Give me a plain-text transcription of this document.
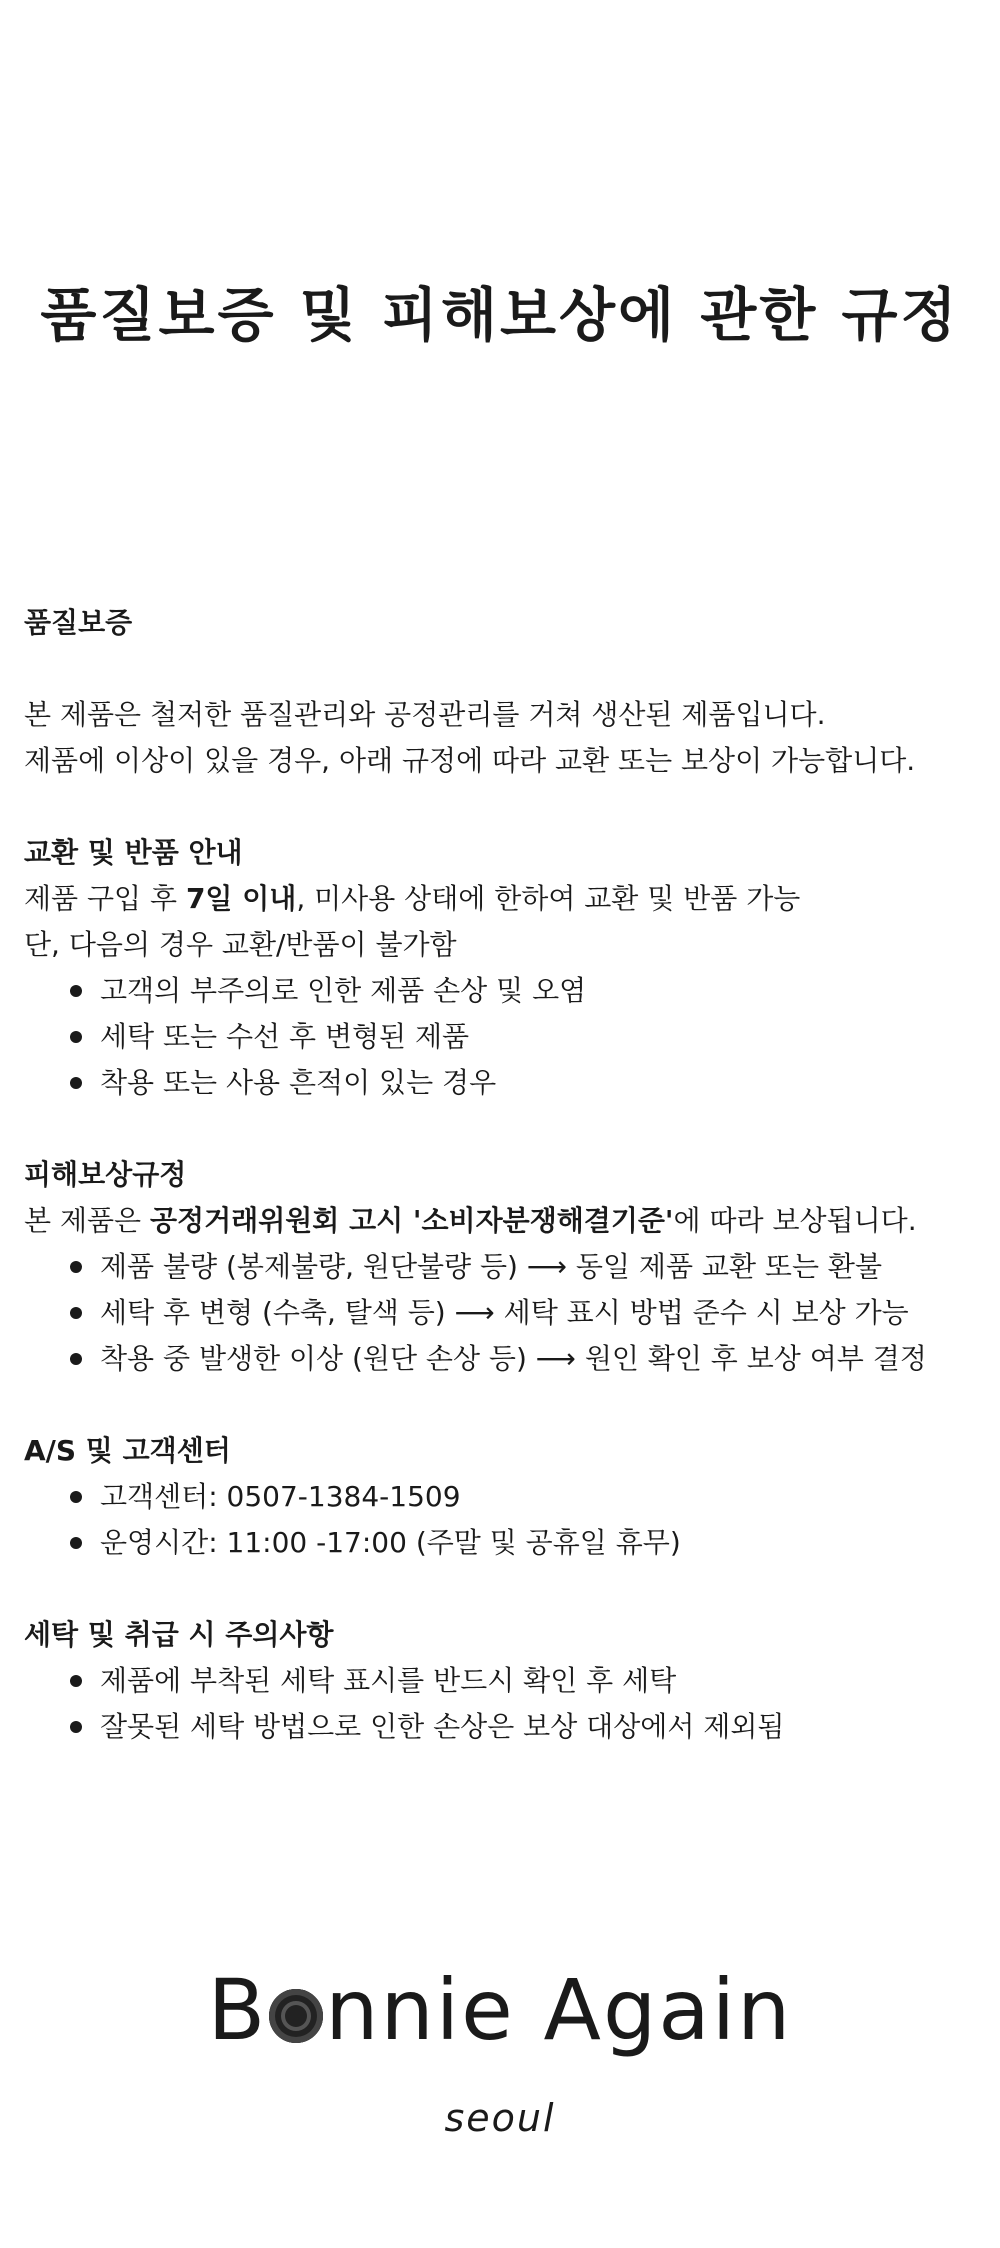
품질보증 및 피해보상에 관한 규정

품질보증

본 제품은 철저한 품질관리와 공정관리를 거쳐 생산된 제품입니다.

제품에 이상이 있을 경우, 아래 규정에 따라 교환 또는 보상이 가능합니다.

교환 및 반품 안내

제품 구입 후 7일 이내, 미사용 상태에 한하여 교환 및 반품 가능

단, 다음의 경우 교환/반품이 불가함

고객의 부주의로 인한 제품 손상 및 오염
세탁 또는 수선 후 변형된 제품
착용 또는 사용 흔적이 있는 경우

피해보상규정

본 제품은 공정거래위원회 고시 '소비자분쟁해결기준'에 따라 보상됩니다.

제품 불량 (봉제불량, 원단불량 등) ⟶ 동일 제품 교환 또는 환불
세탁 후 변형 (수축, 탈색 등) ⟶ 세탁 표시 방법 준수 시 보상 가능
착용 중 발생한 이상 (원단 손상 등) ⟶ 원인 확인 후 보상 여부 결정

A/S 및 고객센터

고객센터: 0507-1384-1509
운영시간: 11:00 -17:00 (주말 및 공휴일 휴무)

세탁 및 취급 시 주의사항

제품에 부착된 세탁 표시를 반드시 확인 후 세탁
잘못된 세탁 방법으로 인한 손상은 보상 대상에서 제외됨
B nnie Again
seoul
